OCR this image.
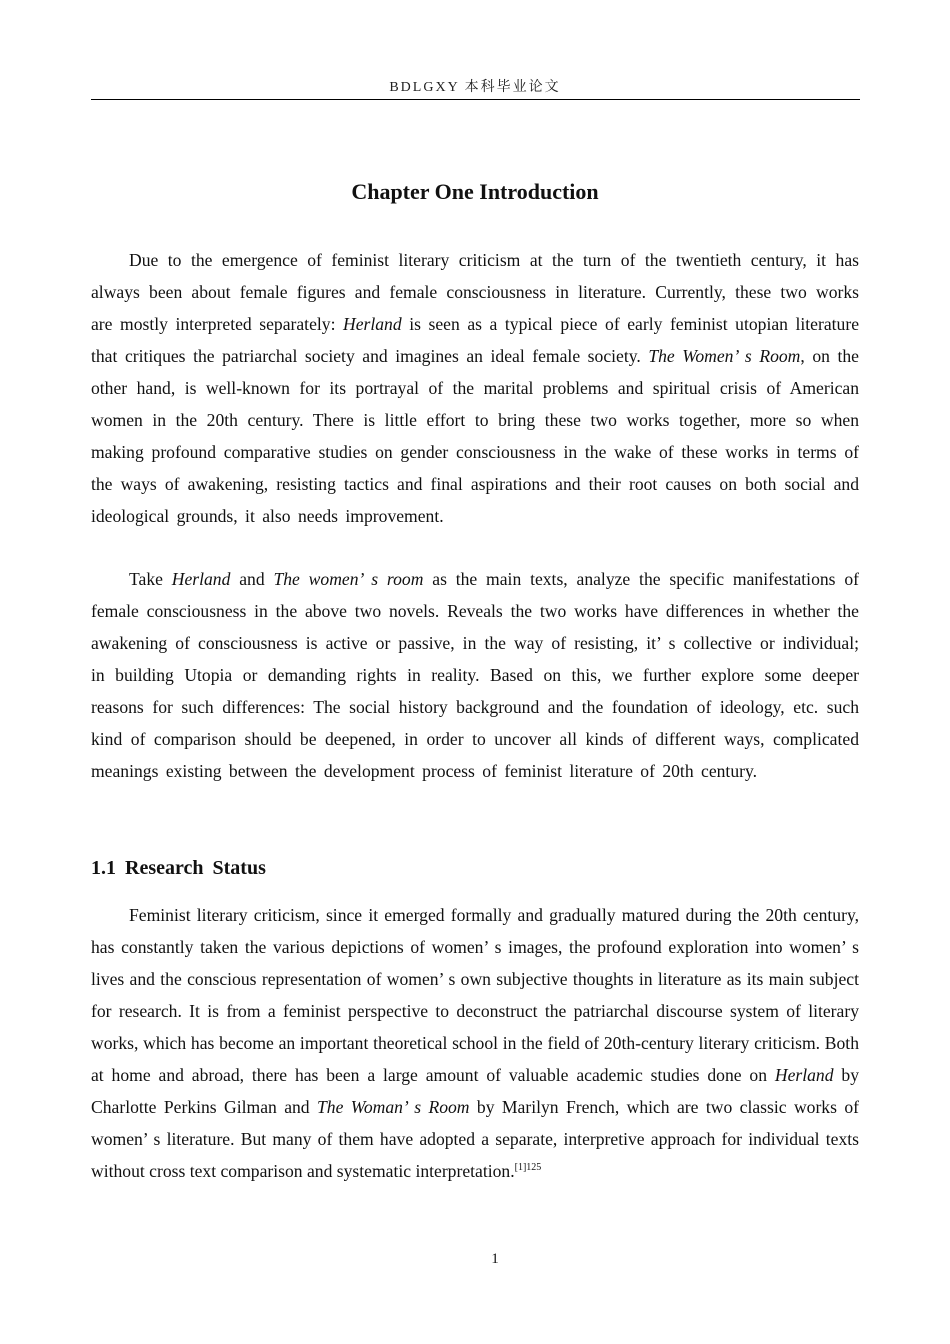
BDLGXY 本科毕业论文
Chapter One Introduction

Due to the emergence of feminist literary criticism at the turn of the twentieth century, it has always been about female figures and female consciousness in literature. Currently, these two works are mostly interpreted separately: Herland is seen as a typical piece of early feminist utopian literature that critiques the patriarchal society and imagines an ideal female society. The Women’ s Room, on the other hand, is well-known for its portrayal of the marital problems and spiritual crisis of American women in the 20th century. There is little effort to bring these two works together, more so when making profound comparative studies on gender consciousness in the wake of these works in terms of the ways of awakening, resisting tactics and final aspirations and their root causes on both social and ideological grounds, it also needs improvement.

Take Herland and The women’ s room as the main texts, analyze the specific manifestations of female consciousness in the above two novels. Reveals the two works have differences in whether the awakening of consciousness is active or passive, in the way of resisting, it’ s collective or individual; in building Utopia or demanding rights in reality. Based on this, we further explore some deeper reasons for such differences: The social history background and the foundation of ideology, etc. such kind of comparison should be deepened, in order to uncover all kinds of different ways, complicated meanings existing between the development process of feminist literature of 20th century.

1.1 Research Status

Feminist literary criticism, since it emerged formally and gradually matured during the 20th century, has constantly taken the various depictions of women’ s images, the profound exploration into women’ s lives and the conscious representation of women’ s own subjective thoughts in literature as its main subject for research. It is from a feminist perspective to deconstruct the patriarchal discourse system of literary works, which has become an important theoretical school in the field of 20th-century literary criticism. Both at home and abroad, there has been a large amount of valuable academic studies done on Herland by Charlotte Perkins Gilman and The Woman’ s Room by Marilyn French, which are two classic works of women’ s literature. But many of them have adopted a separate, interpretive approach for individual texts without cross text comparison and systematic interpretation.$^{[1]125}$

1
